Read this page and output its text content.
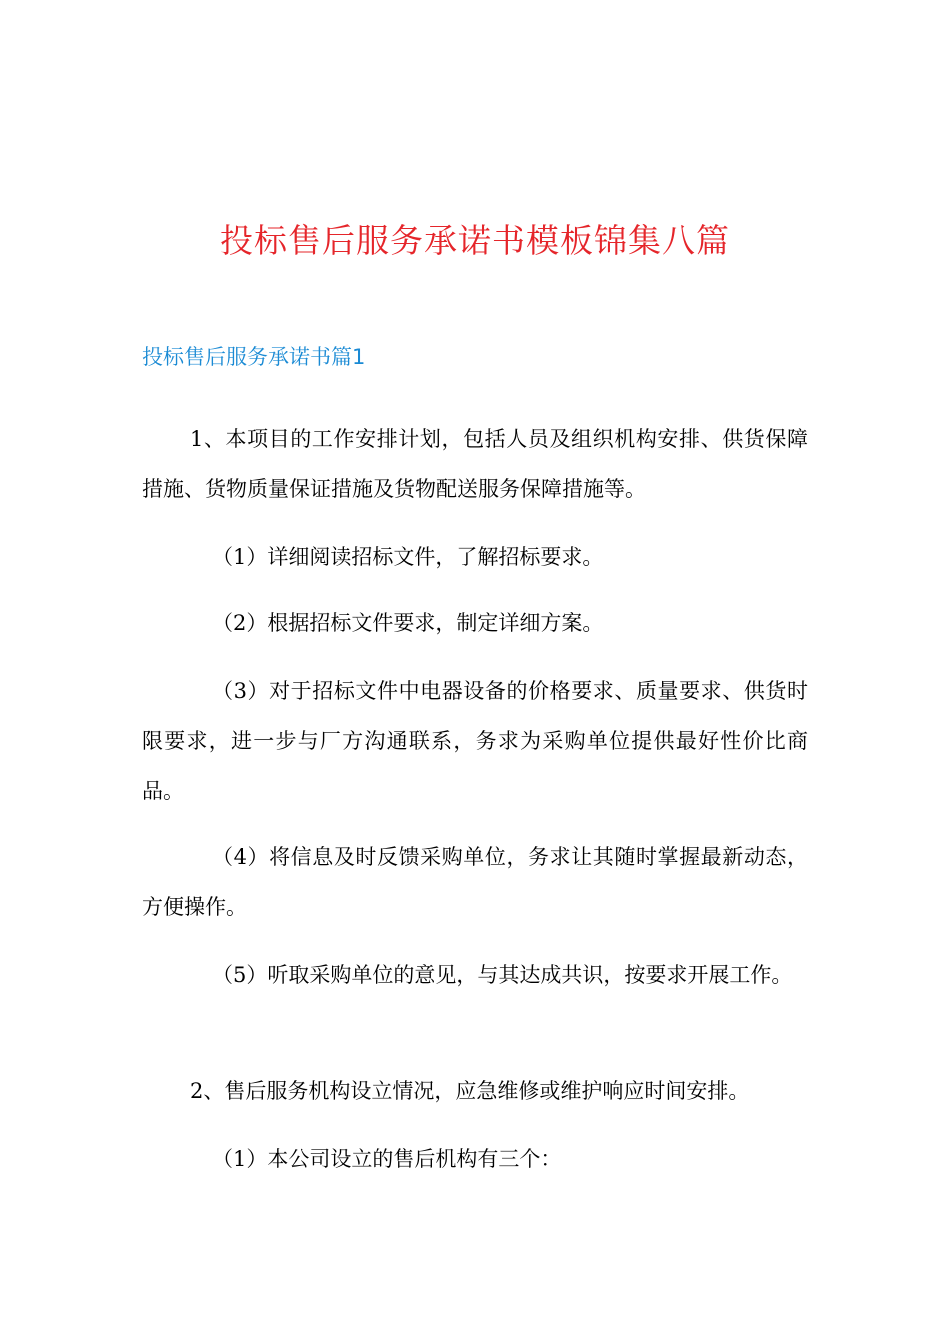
投标售后服务承诺书模板锦集八篇
投标售后服务承诺书篇1

1、本项目的工作安排计划，包括人员及组织机构安排、供货保障措施、货物质量保证措施及货物配送服务保障措施等。

（1）详细阅读招标文件，了解招标要求。

（2）根据招标文件要求，制定详细方案。

（3）对于招标文件中电器设备的价格要求、质量要求、供货时限要求，进一步与厂方沟通联系，务求为采购单位提供最好性价比商品。

（4）将信息及时反馈采购单位，务求让其随时掌握最新动态，方便操作。

（5）听取采购单位的意见，与其达成共识，按要求开展工作。

2、售后服务机构设立情况，应急维修或维护响应时间安排。

（1）本公司设立的售后机构有三个：
